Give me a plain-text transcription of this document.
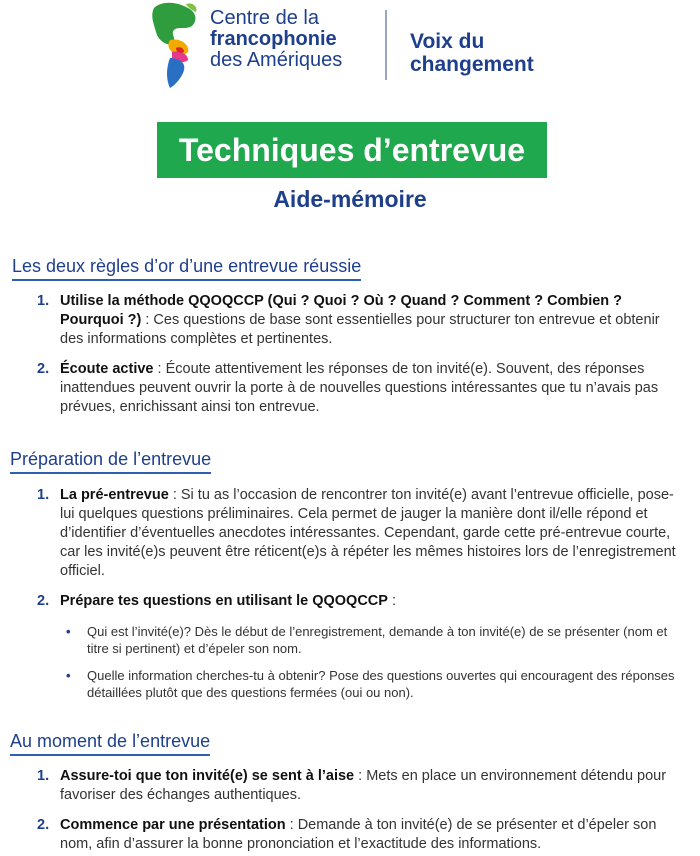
Centre de la
francophonie
des Amériques
Voix du
changement
Techniques d’entrevue
Aide-mémoire
Les deux règles d’or d’une entrevue réussie
1. Utilise la méthode QQOQCCP (Qui ? Quoi ? Où ? Quand ? Comment ? Combien ? Pourquoi ?) : Ces questions de base sont essentielles pour structurer ton entrevue et obtenir des informations complètes et pertinentes.
2. Écoute active : Écoute attentivement les réponses de ton invité(e). Souvent, des réponses inattendues peuvent ouvrir la porte à de nouvelles questions intéressantes que tu n’avais pas prévues, enrichissant ainsi ton entrevue.
Préparation de l’entrevue
1. La pré-entrevue : Si tu as l’occasion de rencontrer ton invité(e) avant l’entrevue officielle, pose-lui quelques questions préliminaires. Cela permet de jauger la manière dont il/elle répond et d’identifier d’éventuelles anecdotes intéressantes. Cependant, garde cette pré-entrevue courte, car les invité(e)s peuvent être réticent(e)s à répéter les mêmes histoires lors de l’enregistrement officiel.
2. Prépare tes questions en utilisant le QQOQCCP :
• Qui est l’invité(e)? Dès le début de l’enregistrement, demande à ton invité(e) de se présenter (nom et titre si pertinent) et d’épeler son nom.
• Quelle information cherches-tu à obtenir? Pose des questions ouvertes qui encouragent des réponses détaillées plutôt que des questions fermées (oui ou non).
Au moment de l’entrevue
1. Assure-toi que ton invité(e) se sent à l’aise : Mets en place un environnement détendu pour favoriser des échanges authentiques.
2. Commence par une présentation : Demande à ton invité(e) de se présenter et d’épeler son nom, afin d’assurer la bonne prononciation et l’exactitude des informations.
